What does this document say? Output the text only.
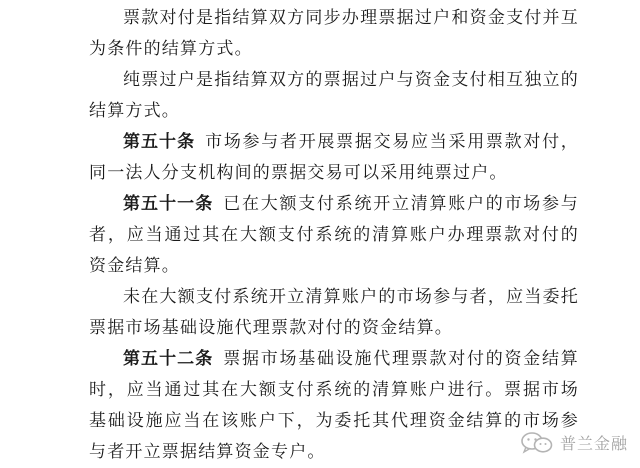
票款对付是指结算双方同步办理票据过户和资金支付并互为条件的结算方式。

纯票过户是指结算双方的票据过户与资金支付相互独立的结算方式。

第五十条 市场参与者开展票据交易应当采用票款对付，同一法人分支机构间的票据交易可以采用纯票过户。

第五十一条 已在大额支付系统开立清算账户的市场参与者，应当通过其在大额支付系统的清算账户办理票款对付的资金结算。

未在大额支付系统开立清算账户的市场参与者，应当委托票据市场基础设施代理票款对付的资金结算。

第五十二条 票据市场基础设施代理票款对付的资金结算时，应当通过其在大额支付系统的清算账户进行。票据市场基础设施应当在该账户下，为委托其代理资金结算的市场参与者开立票据结算资金专户。	普兰金融
